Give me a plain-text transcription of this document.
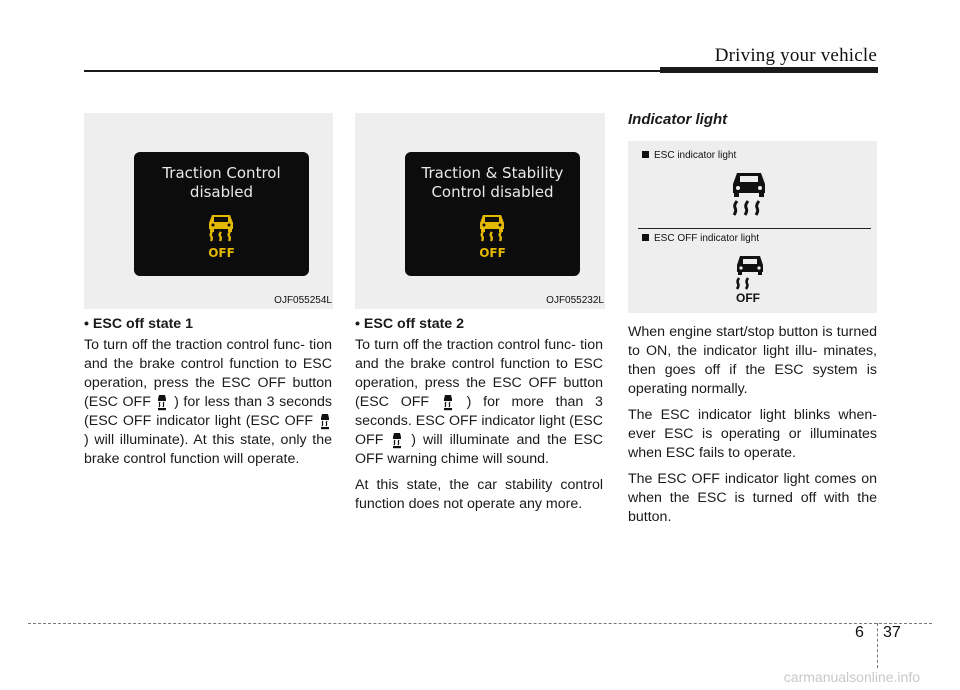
Driving your vehicle
Traction Control
disabled
OFF
OJF055254L
Traction & Stability
Control disabled
OFF
OJF055232L
• ESC off state 1

To turn off the traction control func- tion and the brake control function to ESC operation, press the ESC OFF button (ESC OFF ) for less than 3 seconds (ESC OFF indicator light (ESC OFF  ) will illuminate). At this state, only the brake control function will operate.

• ESC off state 2

To turn off the traction control func- tion and the brake control function to ESC operation, press the ESC OFF button (ESC OFF	) for more than 3 seconds. ESC OFF indicator light (ESC OFF ) will illuminate and the ESC OFF warning chime will sound.

At this state, the car stability control function does not operate any more.

Indicator light
ESC indicator light
ESC OFF indicator light
OFF

When engine start/stop button is turned to ON, the indicator light illu- minates, then goes off if the ESC system is operating normally.

The ESC indicator light blinks when- ever ESC is operating or illuminates when ESC fails to operate.

The ESC OFF indicator light comes on when the ESC is turned off with the button.

6 37
carmanualsonline.info
